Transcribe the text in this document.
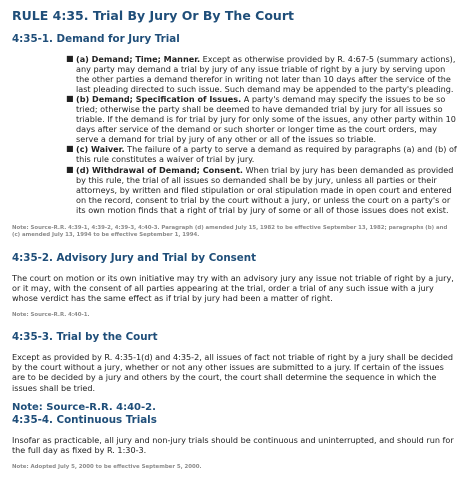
RULE 4:35. Trial By Jury Or By The Court
4:35-1. Demand for Jury Trial
■ (a) Demand; Time; Manner. Except as otherwise provided by R. 4:67-5 (summary actions), any party may demand a trial by jury of any issue triable of right by a jury by serving upon the other parties a demand therefor in writing not later than 10 days after the service of the last pleading directed to such issue. Such demand may be appended to the party's pleading.
■ (b) Demand; Specification of Issues. A party's demand may specify the issues to be so tried; otherwise the party shall be deemed to have demanded trial by jury for all issues so triable. If the demand is for trial by jury for only some of the issues, any other party within 10 days after service of the demand or such shorter or longer time as the court orders, may serve a demand for trial by jury of any other or all of the issues so triable.
■ (c) Waiver. The failure of a party to serve a demand as required by paragraphs (a) and (b) of this rule constitutes a waiver of trial by jury.
■ (d) Withdrawal of Demand; Consent. When trial by jury has been demanded as provided by this rule, the trial of all issues so demanded shall be by jury, unless all parties or their attorneys, by written and filed stipulation or oral stipulation made in open court and entered on the record, consent to trial by the court without a jury, or unless the court on a party's or its own motion finds that a right of trial by jury of some or all of those issues does not exist.

Note: Source-R.R. 4:39-1, 4:39-2, 4:39-3, 4:40-3. Paragraph (d) amended July 15, 1982 to be effective September 13, 1982; paragraphs (b) and (c) amended July 13, 1994 to be effective September 1, 1994.

4:35-2. Advisory Jury and Trial by Consent

The court on motion or its own initiative may try with an advisory jury any issue not triable of right by a jury, or it may, with the consent of all parties appearing at the trial, order a trial of any such issue with a jury whose verdict has the same effect as if trial by jury had been a matter of right.

Note: Source-R.R. 4:40-1.

4:35-3. Trial by the Court

Except as provided by R. 4:35-1(d) and 4:35-2, all issues of fact not triable of right by a jury shall be decided by the court without a jury, whether or not any other issues are submitted to a jury. If certain of the issues are to be decided by a jury and others by the court, the court shall determine the sequence in which the issues shall be tried.

Note: Source-R.R. 4:40-2.
4:35-4. Continuous Trials

Insofar as practicable, all jury and non-jury trials should be continuous and uninterrupted, and should run for the full day as fixed by R. 1:30-3.

Note: Adopted July 5, 2000 to be effective September 5, 2000.
